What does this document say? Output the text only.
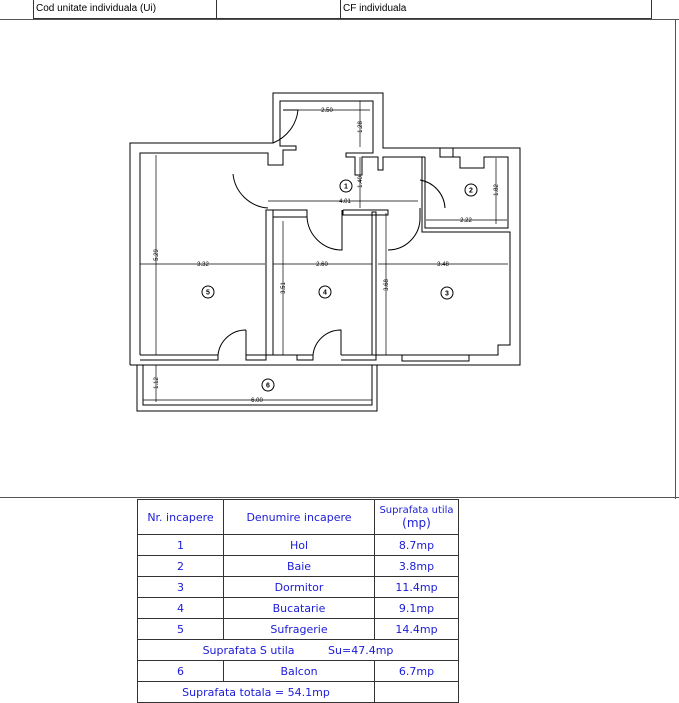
Cod unitate individuala (Ui)	CF individuala
2.50
1.28
1.40
4.01
1.82
2.22
5.29
3.32	2.60	3.48
3.51	3.68
1.12
6.00
1
2
3
4
5
6
Nr. incapere	Denumire incapere	Suprafata utila
(mp)

1	Hol	8.7mp
2	Baie	3.8mp
3	Dormitor	11.4mp
4	Bucatarie	9.1mp
5	Sufragerie	14.4mp
Suprafata S utila Su=47.4mp		
6	Balcon	6.7mp
Suprafata totala = 54.1mp		
